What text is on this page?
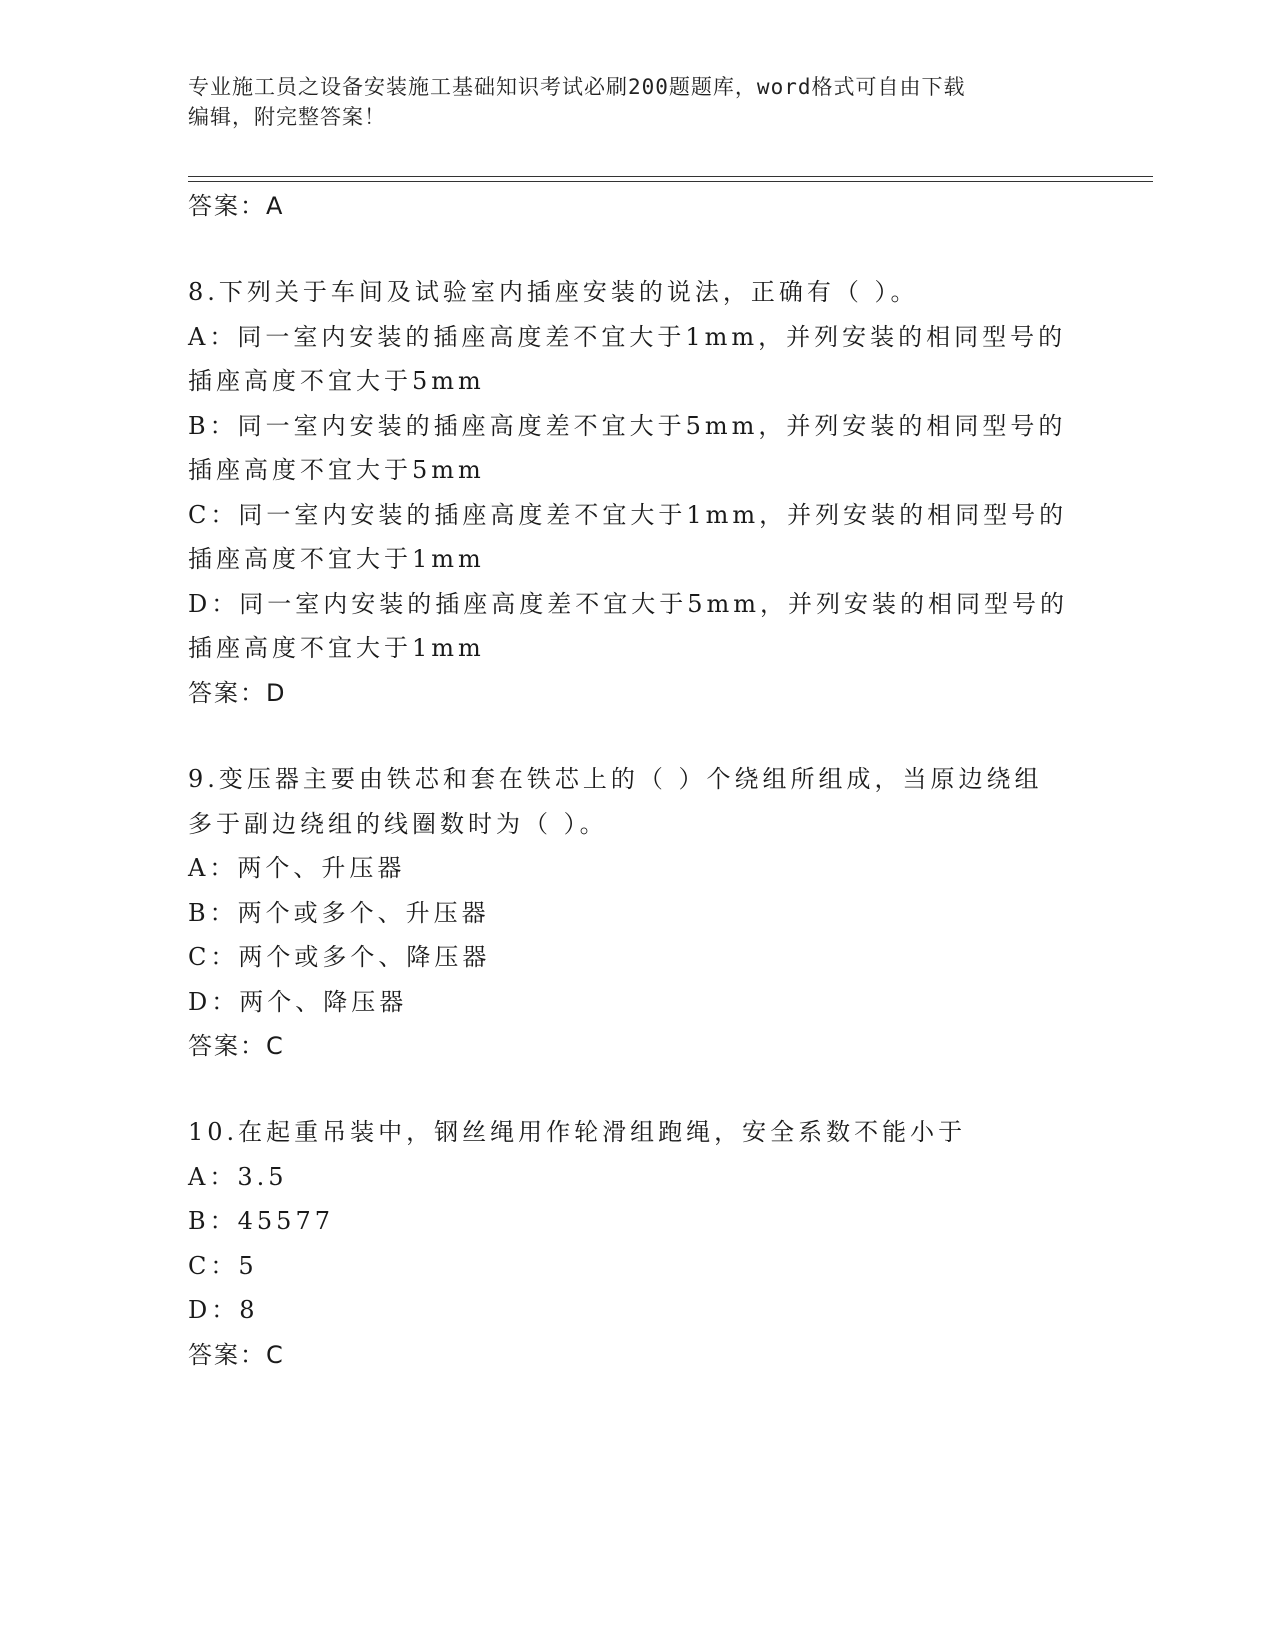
专业施工员之设备安装施工基础知识考试必刷200题题库，word格式可自由下载
编辑，附完整答案！
答案：A
8.下列关于车间及试验室内插座安装的说法，正确有（ ）。
A：同一室内安装的插座高度差不宜大于1mm，并列安装的相同型号的
插座高度不宜大于5mm
B：同一室内安装的插座高度差不宜大于5mm，并列安装的相同型号的
插座高度不宜大于5mm
C：同一室内安装的插座高度差不宜大于1mm，并列安装的相同型号的
插座高度不宜大于1mm
D：同一室内安装的插座高度差不宜大于5mm，并列安装的相同型号的
插座高度不宜大于1mm
答案：D
9.变压器主要由铁芯和套在铁芯上的（ ）个绕组所组成，当原边绕组
多于副边绕组的线圈数时为（ ）。
A：两个、升压器
B：两个或多个、升压器
C：两个或多个、降压器
D：两个、降压器
答案：C
10.在起重吊装中，钢丝绳用作轮滑组跑绳，安全系数不能小于
A：3.5
B：45577
C：5
D：8
答案：C
